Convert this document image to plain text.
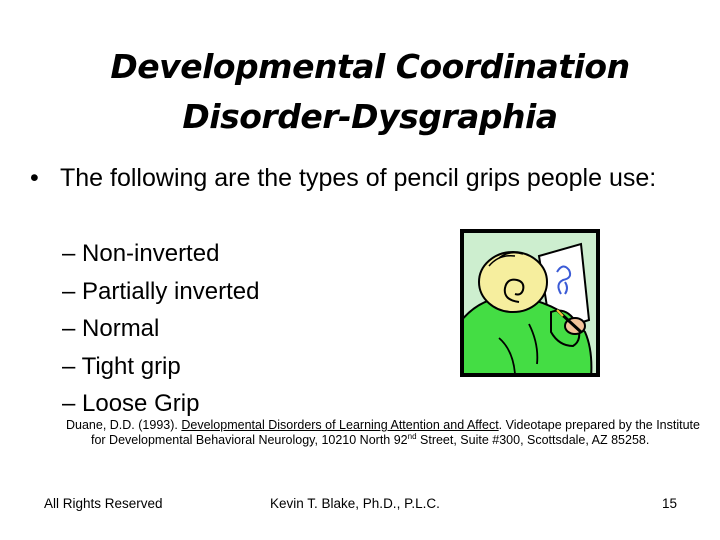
Developmental Coordination
Disorder-Dysgraphia
• The following are the types of pencil grips people use:
– Non-inverted
– Partially inverted
– Normal
– Tight grip
– Loose Grip
Duane, D.D. (1993). Developmental Disorders of Learning Attention and Affect. Videotape prepared by the Institute for Developmental Behavioral Neurology, 10210 North 92nd Street, Suite #300, Scottsdale, AZ 85258.
All Rights Reserved	Kevin T. Blake, Ph.D., P.L.C.	15
